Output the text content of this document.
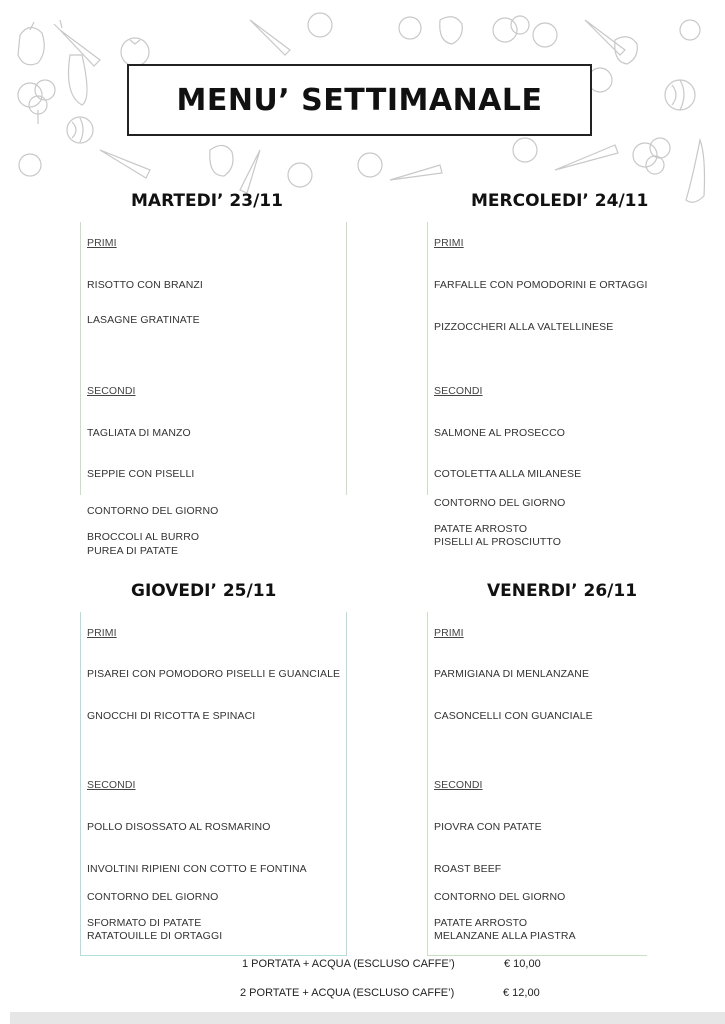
MENU’ SETTIMANALE
MARTEDI’ 23/11
PRIMI
RISOTTO CON BRANZI
LASAGNE GRATINATE
SECONDI
TAGLIATA DI MANZO
SEPPIE CON PISELLI
CONTORNO DEL GIORNO
BROCCOLI AL BURRO
PUREA DI PATATE
MERCOLEDI’ 24/11
PRIMI
FARFALLE CON POMODORINI E ORTAGGI
PIZZOCCHERI ALLA VALTELLINESE
SECONDI
SALMONE AL PROSECCO
COTOLETTA ALLA MILANESE
CONTORNO DEL GIORNO
PATATE ARROSTO
PISELLI AL PROSCIUTTO
GIOVEDI’ 25/11
PRIMI
PISAREI CON POMODORO PISELLI E GUANCIALE
GNOCCHI DI RICOTTA E SPINACI
SECONDI
POLLO DISOSSATO AL ROSMARINO
INVOLTINI RIPIENI CON COTTO E FONTINA
CONTORNO DEL GIORNO
SFORMATO DI PATATE
RATATOUILLE DI ORTAGGI
VENERDI’ 26/11
PRIMI
PARMIGIANA DI MENLANZANE
CASONCELLI CON GUANCIALE
SECONDI
PIOVRA CON PATATE
ROAST BEEF
CONTORNO DEL GIORNO
PATATE ARROSTO
MELANZANE ALLA PIASTRA
1 PORTATA + ACQUA (ESCLUSO CAFFE’)	€ 10,00
2 PORTATE + ACQUA (ESCLUSO CAFFE’)	€ 12,00
